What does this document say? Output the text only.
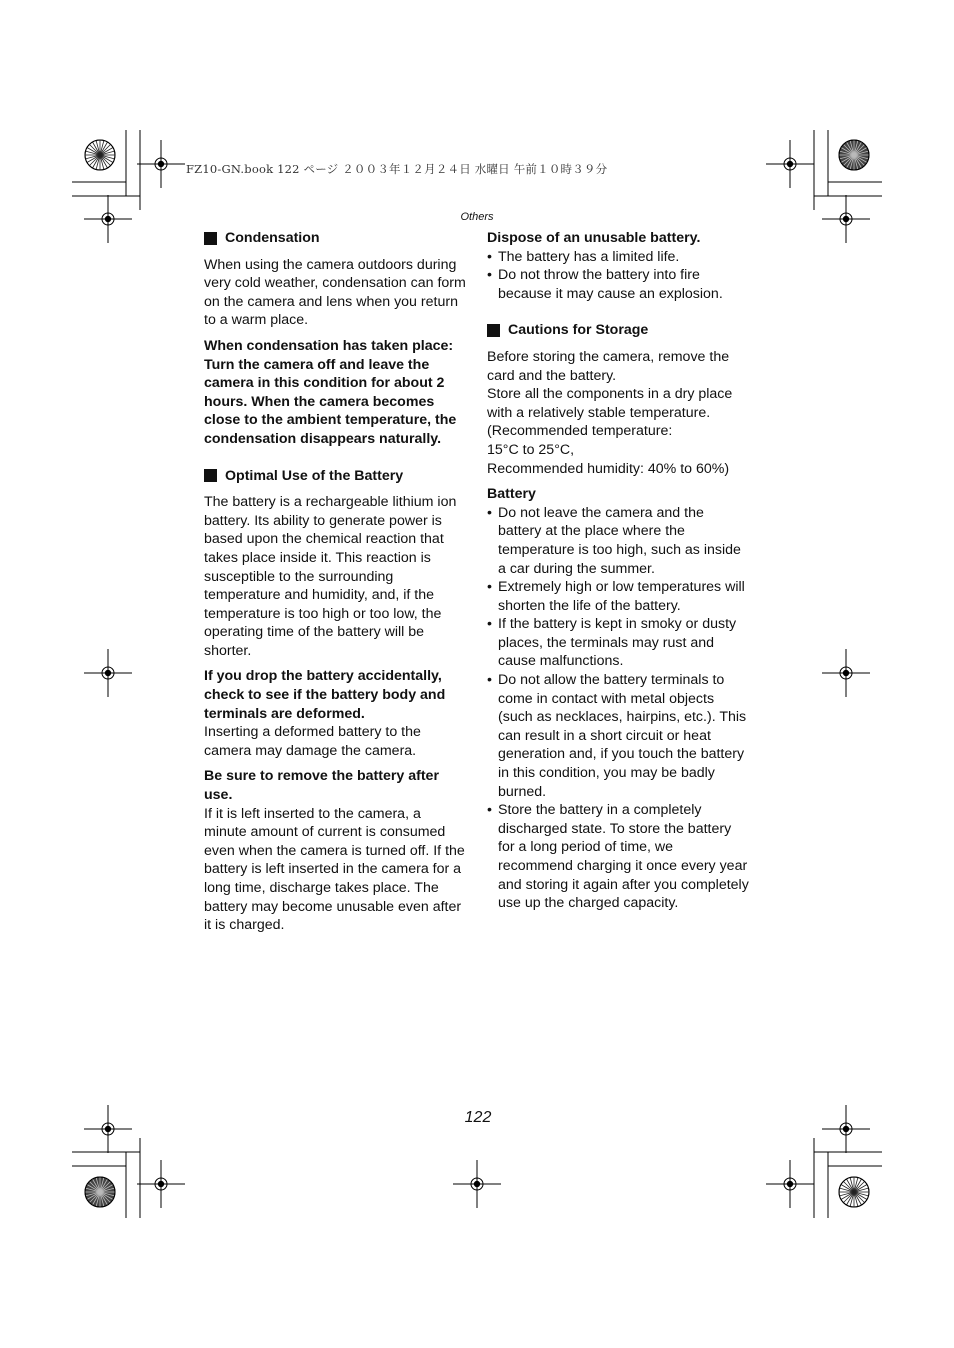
FZ10-GN.book 122 ページ ２００３年１２月２４日 水曜日 午前１０時３９分
Others
Condensation

When using the camera outdoors during very cold weather, condensation can form on the camera and lens when you return to a warm place.

When condensation has taken place: Turn the camera off and leave the camera in this condition for about 2 hours. When the camera becomes close to the ambient temperature, the condensation disappears naturally.

Optimal Use of the Battery

The battery is a rechargeable lithium ion battery. Its ability to generate power is based upon the chemical reaction that takes place inside it. This reaction is susceptible to the surrounding temperature and humidity, and, if the temperature is too high or too low, the operating time of the battery will be shorter.

If you drop the battery accidentally, check to see if the battery body and terminals are deformed.

Inserting a deformed battery to the camera may damage the camera.

Be sure to remove the battery after use.

If it is left inserted to the camera, a minute amount of current is consumed even when the camera is turned off. If the battery is left inserted in the camera for a long time, discharge takes place. The battery may become unusable even after it is charged.

Dispose of an unusable battery.

• The battery has a limited life.
• Do not throw the battery into fire because it may cause an explosion.
Cautions for Storage

Before storing the camera, remove the card and the battery.

Store all the components in a dry place with a relatively stable temperature. (Recommended temperature:

15°C to 25°C,

Recommended humidity: 40% to 60%)

Battery

• Do not leave the camera and the battery at the place where the temperature is too high, such as inside a car during the summer.
• Extremely high or low temperatures will shorten the life of the battery.
• If the battery is kept in smoky or dusty places, the terminals may rust and cause malfunctions.
• Do not allow the battery terminals to come in contact with metal objects (such as necklaces, hairpins, etc.). This can result in a short circuit or heat generation and, if you touch the battery in this condition, you may be badly burned.
• Store the battery in a completely discharged state. To store the battery for a long period of time, we recommend charging it once every year and storing it again after you completely use up the charged capacity.
122
